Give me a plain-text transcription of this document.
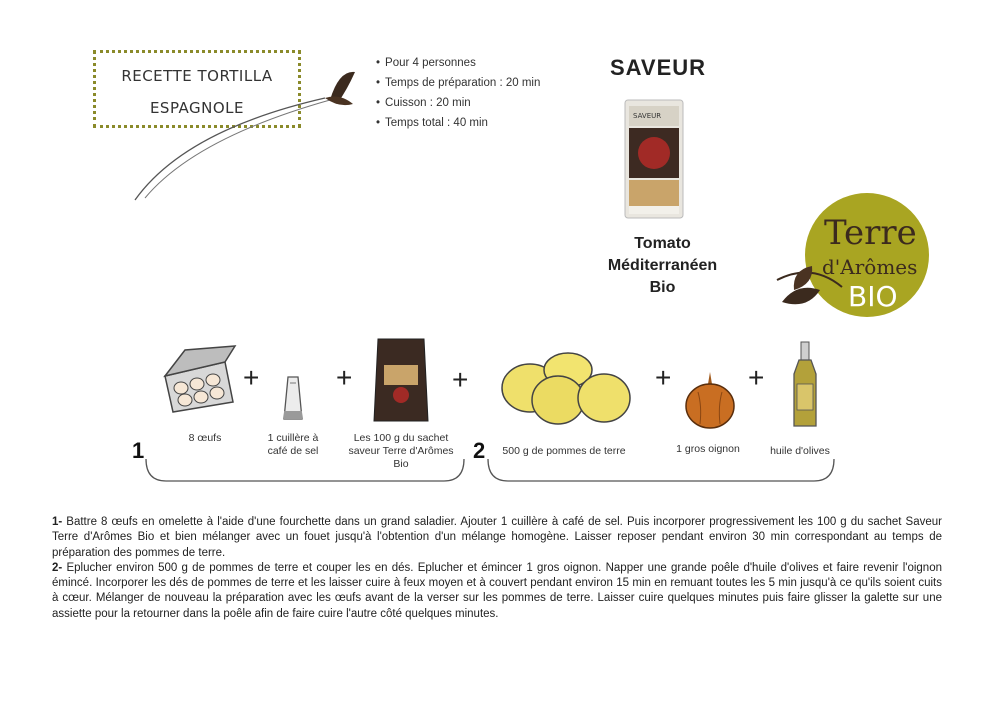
RECETTE TORTILLA
ESPAGNOLE
• Pour 4 personnes
• Temps de préparation : 20 min
• Cuisson : 20 min
• Temps total : 40 min
SAVEUR
SAVEUR
Tomato
Méditerranéen
Bio
Terre
d'Arômes
BIO
+	+	+	+	+
8 œufs	1 cuillère à café de sel
Les 100 g du sachet saveur Terre d'Arômes Bio
500 g de pommes de terre	1 gros oignon	huile d'olives
1	2

1- Battre 8 œufs en omelette à l'aide d'une fourchette dans un grand saladier. Ajouter 1 cuillère à café de sel. Puis incorporer progressivement les 100 g du sachet Saveur Terre d'Arômes Bio et bien mélanger avec un fouet jusqu'à l'obtention d'un mélange homogène. Laisser reposer pendant environ 30 min correspondant au temps de préparation des pommes de terre.

2- Eplucher environ 500 g de pommes de terre et couper les en dés. Eplucher et émincer 1 gros oignon. Napper une grande poêle d'huile d'olives et faire revenir l'oignon émincé. Incorporer les dés de pommes de terre et les laisser cuire à feux moyen et à couvert pendant environ 15 min en remuant toutes les 5 min jusqu'à ce qu'ils soient cuits à cœur. Mélanger de nouveau la préparation avec les œufs avant de la verser sur les pommes de terre. Laisser cuire quelques minutes puis faire glisser la galette sur une assiette pour la retourner dans la poêle afin de faire cuire l'autre côté quelques minutes.
